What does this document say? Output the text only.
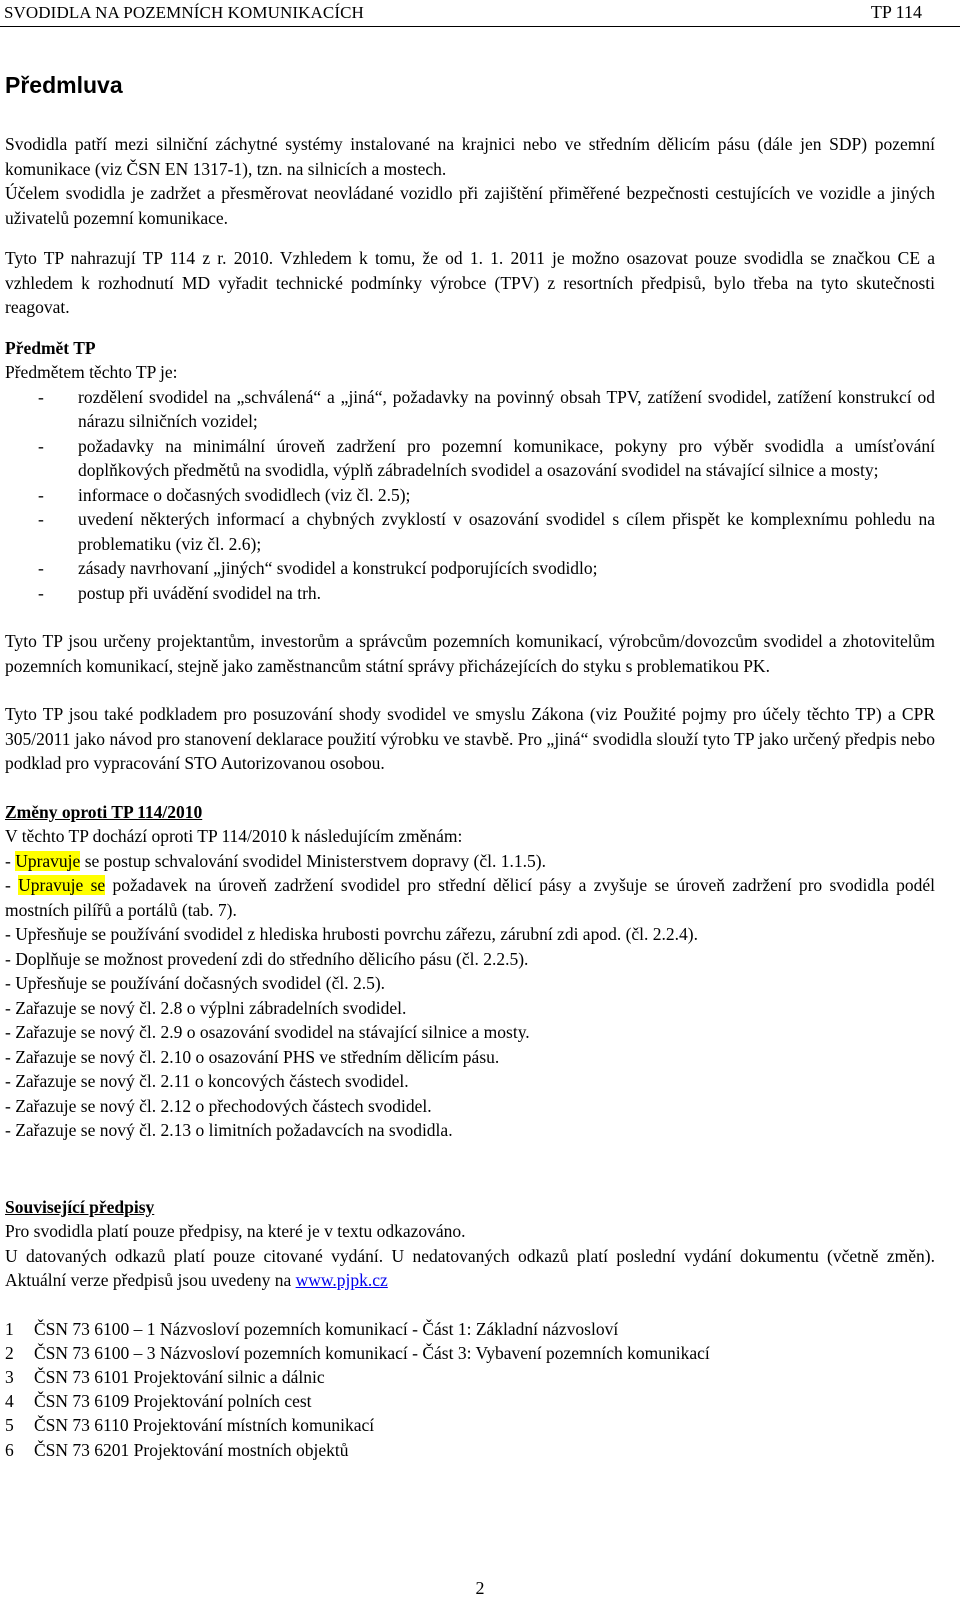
SVODIDLA NA POZEMNÍCH KOMUNIKACÍCH	TP 114
Předmluva

Svodidla patří mezi silniční záchytné systémy instalované na krajnici nebo ve středním dělicím pásu (dále jen SDP) pozemní komunikace (viz ČSN EN 1317-1), tzn. na silnicích a mostech.

Účelem svodidla je zadržet a přesměrovat neovládané vozidlo při zajištění přiměřené bezpečnosti cestujících ve vozidle a jiných uživatelů pozemní komunikace.

Tyto TP nahrazují TP 114 z r. 2010. Vzhledem k tomu, že od 1. 1. 2011 je možno osazovat pouze svodidla se značkou CE a vzhledem k rozhodnutí MD vyřadit technické podmínky výrobce (TPV) z resortních předpisů, bylo třeba na tyto skutečnosti reagovat.

Předmět TP

Předmětem těchto TP je:

- rozdělení svodidel na „schválená“ a „jiná“, požadavky na povinný obsah TPV, zatížení svodidel, zatížení konstrukcí od nárazu silničních vozidel;
- požadavky na minimální úroveň zadržení pro pozemní komunikace, pokyny pro výběr svodidla a umísťování doplňkových předmětů na svodidla, výplň zábradelních svodidel a osazování svodidel na stávající silnice a mosty;
- informace o dočasných svodidlech (viz čl. 2.5);
- uvedení některých informací a chybných zvyklostí v osazování svodidel s cílem přispět ke komplexnímu pohledu na problematiku (viz čl. 2.6);
- zásady navrhovaní „jiných“ svodidel a konstrukcí podporujících svodidlo;
- postup při uvádění svodidel na trh.

Tyto TP jsou určeny projektantům, investorům a správcům pozemních komunikací, výrobcům/dovozcům svodidel a zhotovitelům pozemních komunikací, stejně jako zaměstnancům státní správy přicházejících do styku s problematikou PK.

Tyto TP jsou také podkladem pro posuzování shody svodidel ve smyslu Zákona (viz Použité pojmy pro účely těchto TP) a CPR 305/2011 jako návod pro stanovení deklarace použití výrobku ve stavbě. Pro „jiná“ svodidla slouží tyto TP jako určený předpis nebo podklad pro vypracování STO Autorizovanou osobou.

Změny oproti TP 114/2010

V těchto TP dochází oproti TP 114/2010 k následujícím změnám:

- Upravuje se postup schvalování svodidel Ministerstvem dopravy (čl. 1.1.5).

- Upravuje se požadavek na úroveň zadržení svodidel pro střední dělicí pásy a zvyšuje se úroveň zadržení pro svodidla podél mostních pilířů a portálů (tab. 7).

- Upřesňuje se používání svodidel z hlediska hrubosti povrchu zářezu, zárubní zdi apod. (čl. 2.2.4).

- Doplňuje se možnost provedení zdi do středního dělicího pásu (čl. 2.2.5).

- Upřesňuje se používání dočasných svodidel (čl. 2.5).

- Zařazuje se nový čl. 2.8 o výplni zábradelních svodidel.

- Zařazuje se nový čl. 2.9 o osazování svodidel na stávající silnice a mosty.

- Zařazuje se nový čl. 2.10 o osazování PHS ve středním dělicím pásu.

- Zařazuje se nový čl. 2.11 o koncových částech svodidel.

- Zařazuje se nový čl. 2.12 o přechodových částech svodidel.

- Zařazuje se nový čl. 2.13 o limitních požadavcích na svodidla.

Související předpisy

Pro svodidla platí pouze předpisy, na které je v textu odkazováno.

U datovaných odkazů platí pouze citované vydání. U nedatovaných odkazů platí poslední vydání dokumentu (včetně změn). Aktuální verze předpisů jsou uvedeny na www.pjpk.cz

1 ČSN 73 6100 – 1 Názvosloví pozemních komunikací - Část 1: Základní názvosloví
2 ČSN 73 6100 – 3 Názvosloví pozemních komunikací - Část 3: Vybavení pozemních komunikací
3 ČSN 73 6101 Projektování silnic a dálnic
4 ČSN 73 6109 Projektování polních cest
5 ČSN 73 6110 Projektování místních komunikací
6 ČSN 73 6201 Projektování mostních objektů
2
